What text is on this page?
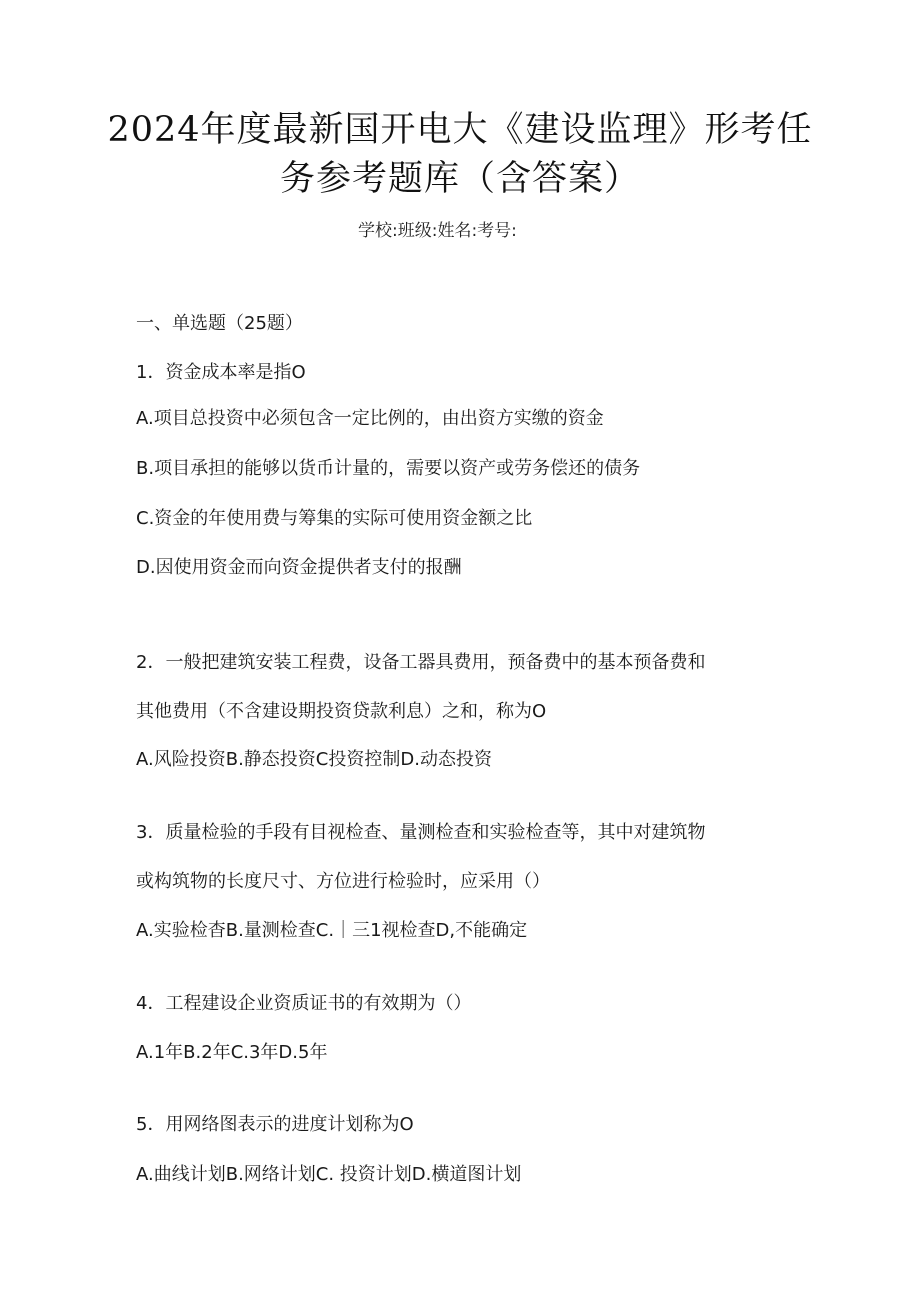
2024年度最新国开电大《建设监理》形考任
务参考题库（含答案）
学校:班级:姓名:考号:
一、单选题（25题）
1．资金成本率是指O
A.项目总投资中必须包含一定比例的，由出资方实缴的资金
B.项目承担的能够以货币计量的，需要以资产或劳务偿还的债务
C.资金的年使用费与筹集的实际可使用资金额之比
D.因使用资金而向资金提供者支付的报酬
2．一般把建筑安装工程费，设备工器具费用，预备费中的基本预备费和
其他费用（不含建设期投资贷款利息）之和，称为O
A.风险投资B.静态投资C投资控制D.动态投资
3．质量检验的手段有目视检查、量测检查和实验检查等，其中对建筑物
或构筑物的长度尺寸、方位进行检验时，应采用（）
A.实验检杳B.量测检查C.｜三1视检查D,不能确定
4．工程建设企业资质证书的有效期为（）
A.1年B.2年C.3年D.5年
5．用网络图表示的进度计划称为O
A.曲线计划B.网络计划C. 投资计划D.横道图计划
